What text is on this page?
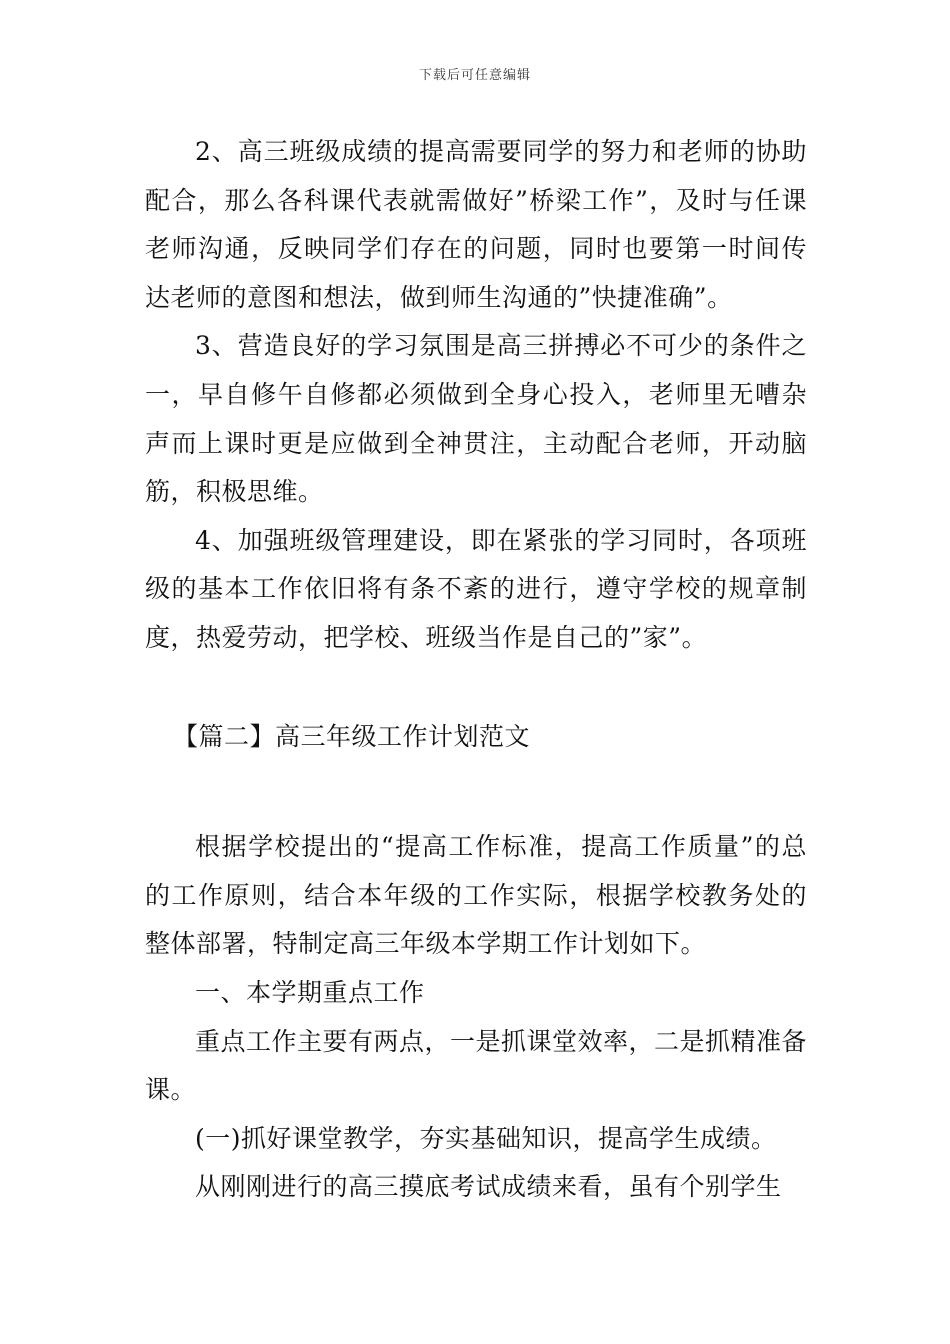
下载后可任意编辑

2、高三班级成绩的提高需要同学的努力和老师的协助配合，那么各科课代表就需做好”桥梁工作”，及时与任课老师沟通，反映同学们存在的问题，同时也要第一时间传达老师的意图和想法，做到师生沟通的”快捷准确”。

3、营造良好的学习氛围是高三拼搏必不可少的条件之一，早自修午自修都必须做到全身心投入，老师里无嘈杂声而上课时更是应做到全神贯注，主动配合老师，开动脑筋，积极思维。

4、加强班级管理建设，即在紧张的学习同时，各项班级的基本工作依旧将有条不紊的进行，遵守学校的规章制度，热爱劳动，把学校、班级当作是自己的”家”。

【篇二】高三年级工作计划范文

根据学校提出的“提高工作标准，提高工作质量”的总的工作原则，结合本年级的工作实际，根据学校教务处的整体部署，特制定高三年级本学期工作计划如下。

一、本学期重点工作

重点工作主要有两点，一是抓课堂效率，二是抓精准备课。

(一)抓好课堂教学，夯实基础知识，提高学生成绩。

从刚刚进行的高三摸底考试成绩来看，虽有个别学生
